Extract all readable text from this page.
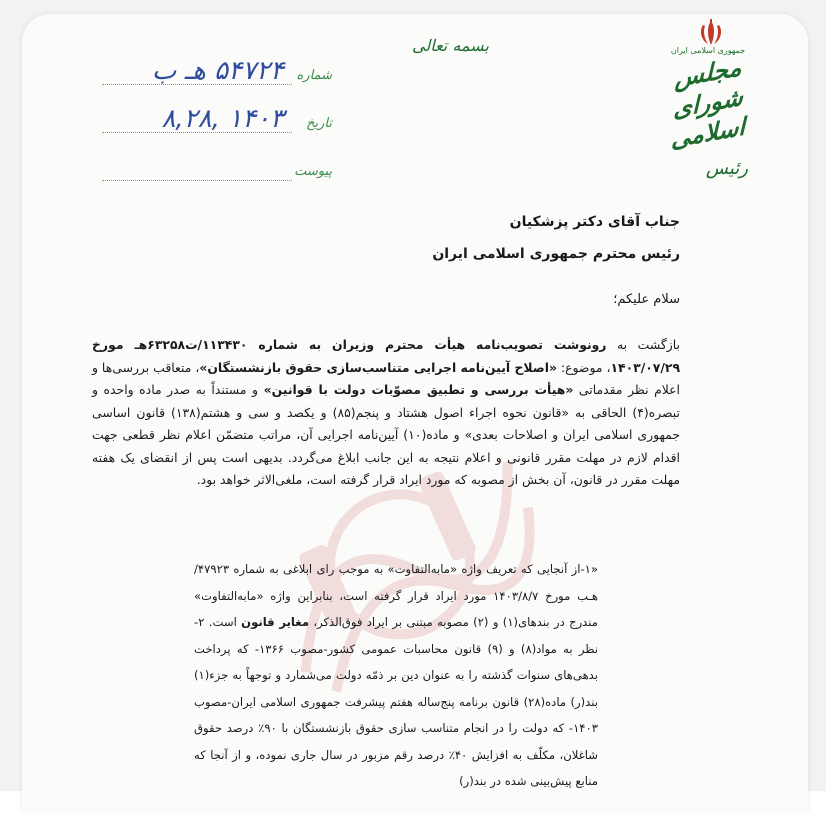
جمهوری اسلامی ایران
مجلس شورای اسلامی
رئیس
بسمه تعالی
شماره
۵۴۷۲۴ هـ ب
تاریخ
۱۴۰۳ ,۸,۲۸
پیوست
جناب آقای دکتر پزشکیان
رئیس محترم جمهوری اسلامی ایران
سلام علیکم؛
بازگشت به رونوشت تصویب‌نامه هیأت محترم وزیران به شماره ۱۱۳۴۳۰/ت۶۳۲۵۸هـ مورخ ۱۴۰۳/۰۷/۲۹، موضوع: «اصلاح آیین‌نامه اجرایی متناسب‌سازی حقوق بازنشستگان»، متعاقب بررسی‌ها و اعلام نظر مقدماتی «هیأت بررسی و تطبیق مصوّبات دولت با قوانین» و مستنداً به صدر ماده واحده و تبصره(۴) الحاقی به «قانون نحوه اجراء اصول هشتاد و پنجم(۸۵) و یکصد و سی و هشتم(۱۳۸) قانون اساسی جمهوری اسلامی ایران و اصلاحات بعدی» و ماده(۱۰) آیین‌نامه اجرایی آن، مراتب متضمّن اعلام نظر قطعی جهت اقدام لازم در مهلت مقرر قانونی و اعلام نتیجه به این جانب ابلاغ می‌گردد. بدیهی است پس از انقضای یک هفته مهلت مقرر در قانون، آن بخش از مصوبه که مورد ایراد قرار گرفته است، ملغی‌الاثر خواهد بود.
«۱-از آنجایی که تعریف واژه «مابه‌التفاوت» به موجب رای ابلاغی به شماره ۴۷۹۲۳/هـب مورخ ۱۴۰۳/۸/۷ مورد ایراد قرار گرفته است، بنابراین واژه «مابه‌التفاوت» مندرج در بندهای(۱) و (۲) مصوبه مبتنی بر ایراد فوق‌الذکر، مغایر قانون است. ۲-نظر به مواد(۸) و (۹) قانون محاسبات عمومی کشور-مصوب ۱۳۶۶- که پرداخت بدهی‌های سنوات گذشته را به عنوان دین بر ذمّه دولت می‌شمارد و توجهاً به جزء(۱) بند(ر) ماده(۲۸) قانون برنامه پنج‌ساله هفتم پیشرفت جمهوری اسلامی ایران-مصوب ۱۴۰۳- که دولت را در انجام متناسب سازی حقوق بازنشستگان با ۹۰٪ درصد حقوق شاغلان، مکلّف به افزایش ۴۰٪ درصد رقم مزبور در سال جاری نموده، و از آنجا که منابع پیش‌بینی شده در بند(ر)
